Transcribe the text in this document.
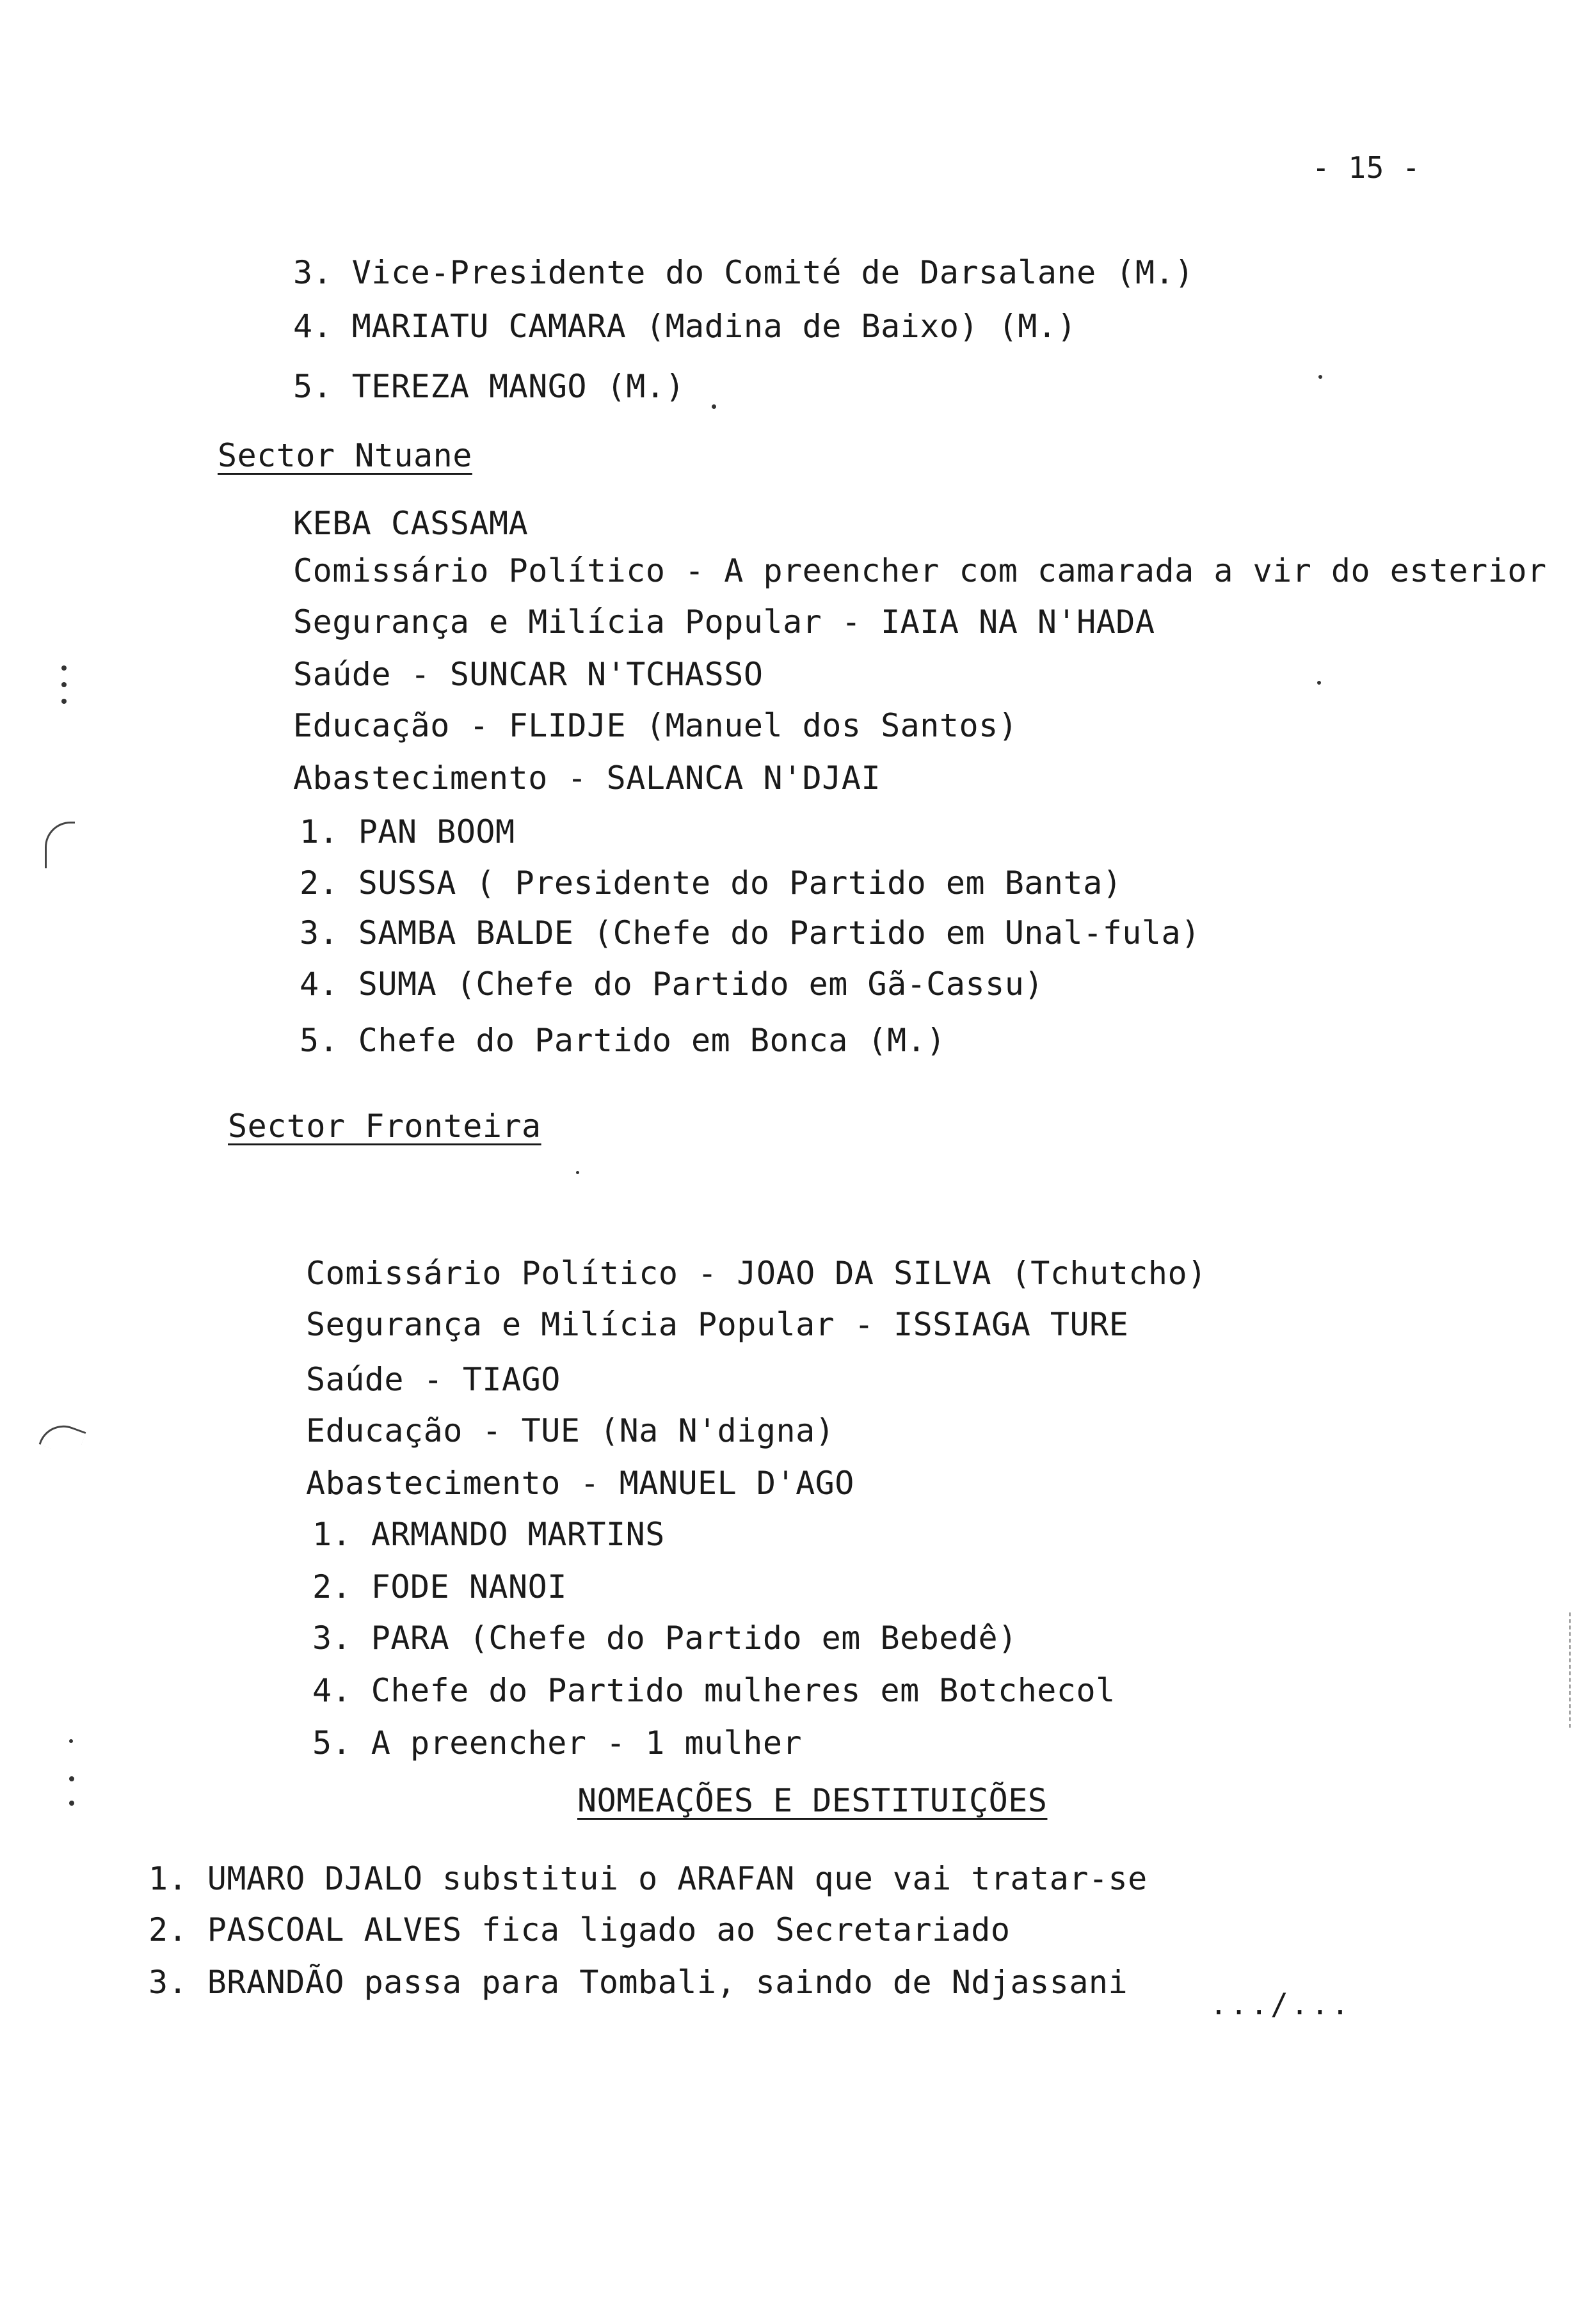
- 15 -
3. Vice-Presidente do Comité de Darsalane (M.)
4. MARIATU CAMARA (Madina de Baixo) (M.)
5. TEREZA MANGO (M.)
Sector Ntuane
KEBA CASSAMA
Comissário Político - A preencher com camarada a vir do esterior
Segurança e Milícia Popular - IAIA NA N'HADA
Saúde - SUNCAR N'TCHASSO
Educação - FLIDJE (Manuel dos Santos)
Abastecimento - SALANCA N'DJAI
1. PAN BOOM
2. SUSSA ( Presidente do Partido em Banta)
3. SAMBA BALDE (Chefe do Partido em Unal-fula)
4. SUMA (Chefe do Partido em Gã-Cassu)
5. Chefe do Partido em Bonca (M.)
Sector Fronteira
Comissário Político - JOAO DA SILVA (Tchutcho)
Segurança e Milícia Popular - ISSIAGA TURE
Saúde - TIAGO
Educação - TUE (Na N'digna)
Abastecimento - MANUEL D'AGO
1. ARMANDO MARTINS
2. FODE NANOI
3. PARA (Chefe do Partido em Bebedê)
4. Chefe do Partido mulheres em Botchecol
5. A preencher - 1 mulher
NOMEAÇÕES E DESTITUIÇÕES
1. UMARO DJALO substitui o ARAFAN que vai tratar-se
2. PASCOAL ALVES fica ligado ao Secretariado
3. BRANDÃO passa para Tombali, saindo de Ndjassani
.../...
